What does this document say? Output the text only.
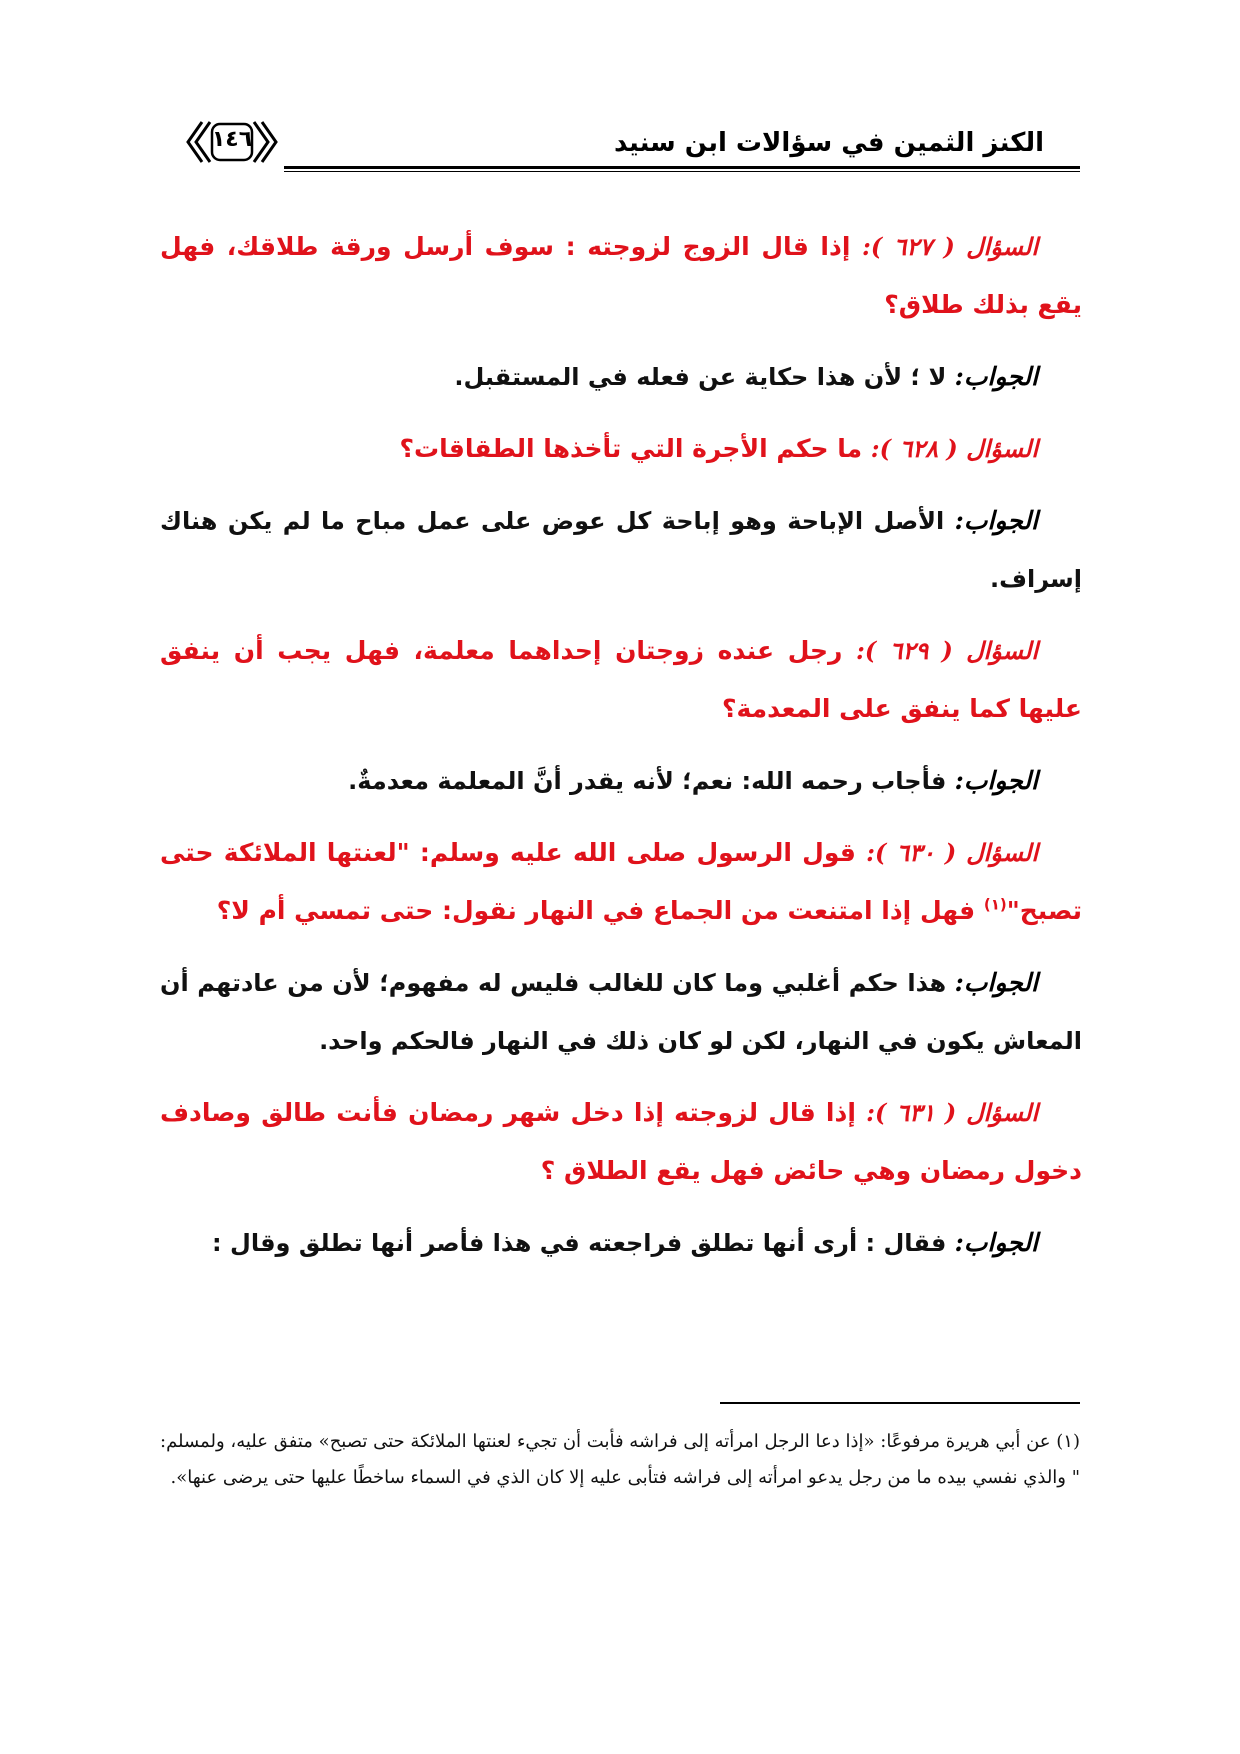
الكنز الثمين في سؤالات ابن سنيد
١٤٦

السؤال ( ٦٢٧ ): إذا قال الزوج لزوجته : سوف أرسل ورقة طلاقك، فهل يقع بذلك طلاق؟

الجواب: لا ؛ لأن هذا حكاية عن فعله في المستقبل.

السؤال ( ٦٢٨ ): ما حكم الأجرة التي تأخذها الطقاقات؟

الجواب: الأصل الإباحة وهو إباحة كل عوض على عمل مباح ما لم يكن هناك إسراف.

السؤال ( ٦٢٩ ): رجل عنده زوجتان إحداهما معلمة، فهل يجب أن ينفق عليها كما ينفق على المعدمة؟

الجواب: فأجاب رحمه الله: نعم؛ لأنه يقدر أنَّ المعلمة معدمةٌ.

السؤال ( ٦٣٠ ): قول الرسول صلى الله عليه وسلم: "لعنتها الملائكة حتى تصبح"$^{(١)}$ فهل إذا امتنعت من الجماع في النهار نقول: حتى تمسي أم لا؟

الجواب: هذا حكم أغلبي وما كان للغالب فليس له مفهوم؛ لأن من عادتهم أن المعاش يكون في النهار، لكن لو كان ذلك في النهار فالحكم واحد.

السؤال ( ٦٣١ ): إذا قال لزوجته إذا دخل شهر رمضان فأنت طالق وصادف دخول رمضان وهي حائض فهل يقع الطلاق ؟

الجواب: فقال : أرى أنها تطلق فراجعته في هذا فأصر أنها تطلق وقال :

(١) عن أبي هريرة مرفوعًا: «إذا دعا الرجل امرأته إلى فراشه فأبت أن تجيء لعنتها الملائكة حتى تصبح» متفق عليه، ولمسلم: " والذي نفسي بيده ما من رجل يدعو امرأته إلى فراشه فتأبى عليه إلا كان الذي في السماء ساخطًا عليها حتى يرضى عنها».
